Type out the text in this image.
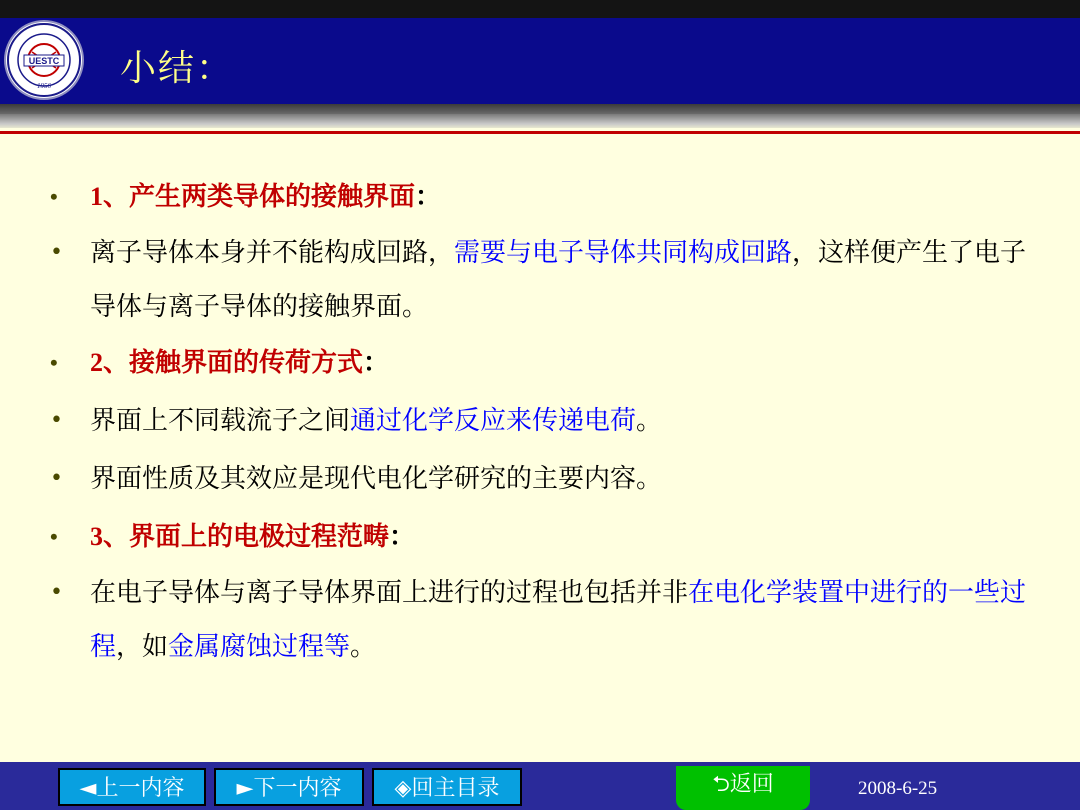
UESTC
1956 小结：
• 1、产生两类导体的接触界面：
• 离子导体本身并不能构成回路，需要与电子导体共同构成回路，这样便产生了电子导体与离子导体的接触界面。
• 2、接触界面的传荷方式：
• 界面上不同载流子之间通过化学反应来传递电荷。
• 界面性质及其效应是现代电化学研究的主要内容。
• 3、界面上的电极过程范畴：
• 在电子导体与离子导体界面上进行的过程也包括并非在电化学装置中进行的一些过程，如金属腐蚀过程等。
◄上一内容	►下一内容	◈回主目录	⮌返回	2008-6-25
